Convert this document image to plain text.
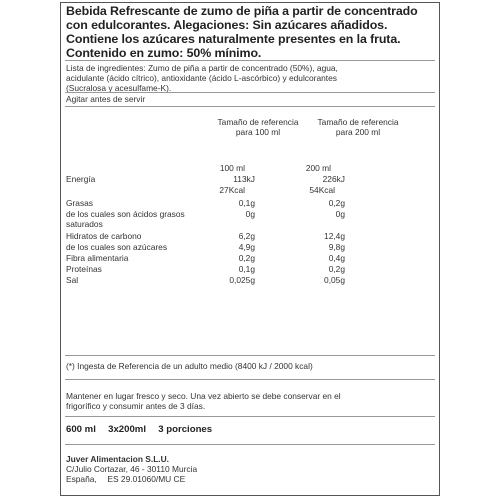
Bebida Refrescante de zumo de piña a partir de concentrado
con edulcorantes. Alegaciones: Sin azúcares añadidos.
Contiene los azúcares naturalmente presentes en la fruta.
Contenido en zumo: 50% mínimo.
Lista de ingredientes: Zumo de piña a partir de concentrado (50%), agua,
acidulante (ácido cítrico), antioxidante (ácido L-ascórbico) y edulcorantes
(Sucralosa y acesulfame-K).
Agitar antes de servir
Tamaño de referencia
para 100 ml
Tamaño de referencia
para 200 ml
100 ml	200 ml
Energía	113kJ	226kJ
27Kcal	54Kcal
Grasas	0,1g	0,2g
de los cuales son ácidos grasos	0g	0g
saturados
Hidratos de carbono	6,2g	12,4g
de los cuales son azúcares	4,9g	9,8g
Fibra alimentaria	0,2g	0,4g
Proteínas	0,1g	0,2g
Sal	0,025g	0,05g
(*) Ingesta de Referencia de un adulto medio (8400 kJ / 2000 kcal)
Mantener en lugar fresco y seco. Una vez abierto se debe conservar en el
frigorífico y consumir antes de 3 días.
600 ml  3x200ml  3 porciones
Juver Alimentacion S.L.U.
C/Julio Cortazar, 46 - 30110 Murcia
España,  ES 29.01060/MU CE
